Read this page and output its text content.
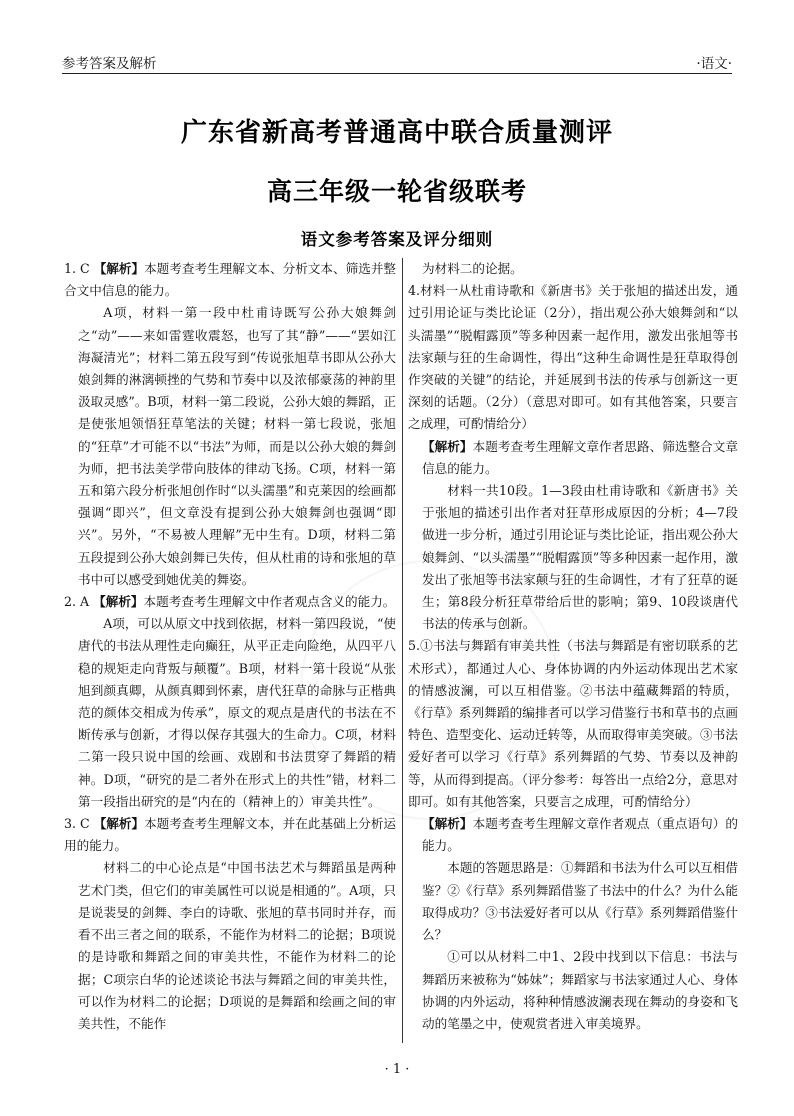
参考答案及解析	·语文·
广东省新高考普通高中联合质量测评
高三年级一轮省级联考
语文参考答案及评分细则
1. C 【解析】本题考查考生理解文本、分析文本、筛选并整合文中信息的能力。
A项，材料一第一段中杜甫诗既写公孙大娘舞剑之“动”——来如雷霆收震怒，也写了其“静”——“罢如江海凝清光”；材料二第五段写到“传说张旭草书即从公孙大娘剑舞的淋漓顿挫的气势和节奏中以及浓郁豪荡的神韵里汲取灵感”。B项，材料一第二段说，公孙大娘的舞蹈，正是使张旭领悟狂草笔法的关键；材料一第七段说，张旭的“狂草”才可能不以“书法”为师，而是以公孙大娘的舞剑为师，把书法美学带向肢体的律动飞扬。C项，材料一第五和第六段分析张旭创作时“以头濡墨”和克莱因的绘画都强调“即兴”，但文章没有提到公孙大娘舞剑也强调“即兴”。另外，“不易被人理解”无中生有。D项，材料二第五段提到公孙大娘剑舞已失传，但从杜甫的诗和张旭的草书中可以感受到她优美的舞姿。
2. A 【解析】本题考查考生理解文中作者观点含义的能力。
A项，可以从原文中找到依据，材料一第四段说，“使唐代的书法从理性走向癫狂，从平正走向险绝，从四平八稳的规矩走向背叛与颠覆”。B项，材料一第十段说“从张旭到颜真卿，从颜真卿到怀素，唐代狂草的命脉与正楷典范的颜体交相成为传承”，原文的观点是唐代的书法在不断传承与创新，才得以保存其强大的生命力。C项，材料二第一段只说中国的绘画、戏剧和书法贯穿了舞蹈的精神。D项，“研究的是二者外在形式上的共性”错，材料二第一段指出研究的是“内在的（精神上的）审美共性”。
3. C 【解析】本题考查考生理解文本，并在此基础上分析运用的能力。
材料二的中心论点是“中国书法艺术与舞蹈虽是两种艺术门类，但它们的审美属性可以说是相通的”。A项，只是说裴旻的剑舞、李白的诗歌、张旭的草书同时并存，而看不出三者之间的联系，不能作为材料二的论据；B项说的是诗歌和舞蹈之间的审美共性，不能作为材料二的论据；C项宗白华的论述谈论书法与舞蹈之间的审美共性，可以作为材料二的论据；D项说的是舞蹈和绘画之间的审美共性，不能作
为材料二的论据。
4.材料一从杜甫诗歌和《新唐书》关于张旭的描述出发，通过引用论证与类比论证（2分），指出观公孙大娘舞剑和“以头濡墨”“脱帽露顶”等多种因素一起作用，激发出张旭等书法家颠与狂的生命调性，得出“这种生命调性是狂草取得创作突破的关键”的结论，并延展到书法的传承与创新这一更深刻的话题。（2分）（意思对即可。如有其他答案，只要言之成理，可酌情给分）
【解析】本题考查考生理解文章作者思路、筛选整合文章信息的能力。
材料一共10段。1—3段由杜甫诗歌和《新唐书》关于张旭的描述引出作者对狂草形成原因的分析；4—7段做进一步分析，通过引用论证与类比论证，指出观公孙大娘舞剑、“以头濡墨”“脱帽露顶”等多种因素一起作用，激发出了张旭等书法家颠与狂的生命调性，才有了狂草的诞生；第8段分析狂草带给后世的影响；第9、10段谈唐代书法的传承与创新。
5.①书法与舞蹈有审美共性（书法与舞蹈是有密切联系的艺术形式），都通过人心、身体协调的内外运动体现出艺术家的情感波澜，可以互相借鉴。②书法中蕴藏舞蹈的特质，《行草》系列舞蹈的编排者可以学习借鉴行书和草书的点画特色、造型变化、运动迁转等，从而取得审美突破。③书法爱好者可以学习《行草》系列舞蹈的气势、节奏以及神韵等，从而得到提高。（评分参考：每答出一点给2分，意思对即可。如有其他答案，只要言之成理，可酌情给分）
【解析】本题考查考生理解文章作者观点（重点语句）的能力。
本题的答题思路是：①舞蹈和书法为什么可以互相借鉴？②《行草》系列舞蹈借鉴了书法中的什么？为什么能取得成功？③书法爱好者可以从《行草》系列舞蹈借鉴什么？
①可以从材料二中1、2段中找到以下信息：书法与舞蹈历来被称为“姊妹”；舞蹈家与书法家通过人心、身体协调的内外运动，将种种情感波澜表现在舞动的身姿和飞动的笔墨之中，使观赏者进入审美境界。
· 1 ·
